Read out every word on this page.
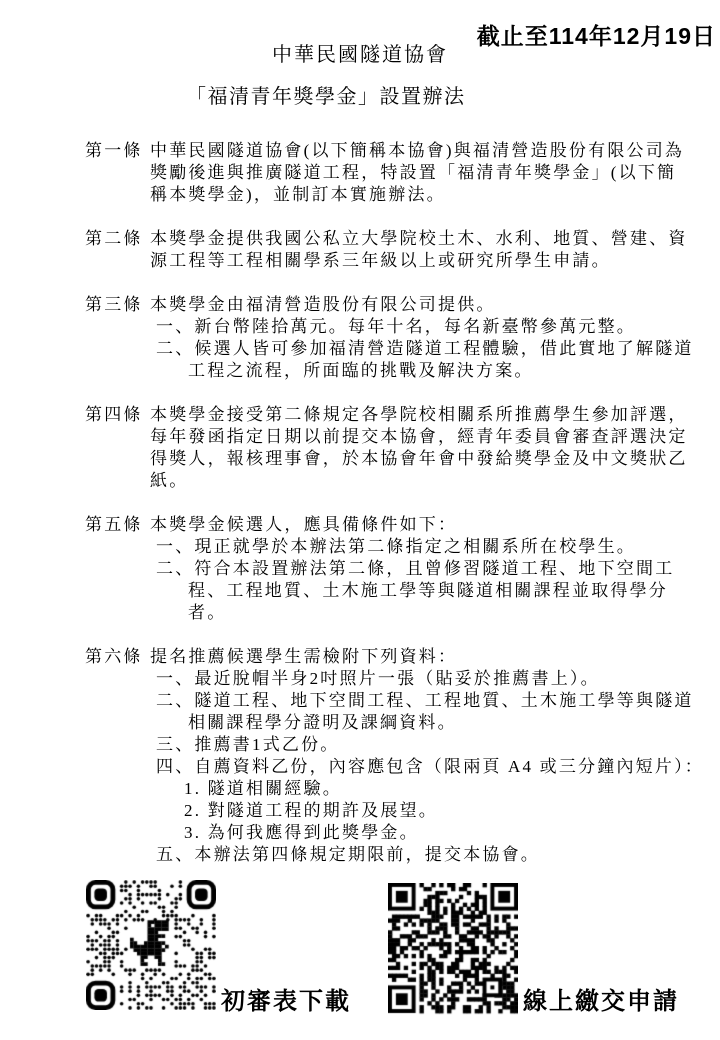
截止至114年12月19日
中華民國隧道協會
「福清青年獎學金」設置辦法
第一條 中華民國隧道協會(以下簡稱本協會)與福清營造股份有限公司為
獎勵後進與推廣隧道工程，特設置「福清青年獎學金」(以下簡
稱本獎學金)，並制訂本實施辦法。
第二條 本獎學金提供我國公私立大學院校土木、水利、地質、營建、資
源工程等工程相關學系三年級以上或研究所學生申請。
第三條 本獎學金由福清營造股份有限公司提供。
一、新台幣陸拾萬元。每年十名，每名新臺幣參萬元整。
二、候選人皆可參加福清營造隧道工程體驗，借此實地了解隧道
工程之流程，所面臨的挑戰及解決方案。
第四條 本獎學金接受第二條規定各學院校相關系所推薦學生參加評選，
每年發函指定日期以前提交本協會，經青年委員會審查評選決定
得獎人，報核理事會，於本協會年會中發給獎學金及中文獎狀乙
紙。
第五條 本獎學金候選人，應具備條件如下：
一、現正就學於本辦法第二條指定之相關系所在校學生。
二、符合本設置辦法第二條，且曾修習隧道工程、地下空間工
程、工程地質、土木施工學等與隧道相關課程並取得學分
者。
第六條 提名推薦候選學生需檢附下列資料：
一、最近脫帽半身2吋照片一張（貼妥於推薦書上）。
二、隧道工程、地下空間工程、工程地質、土木施工學等與隧道
相關課程學分證明及課綱資料。
三、推薦書1式乙份。
四、自薦資料乙份，內容應包含（限兩頁 A4 或三分鐘內短片）：
1. 隧道相關經驗。
2. 對隧道工程的期許及展望。
3. 為何我應得到此獎學金。
五、本辦法第四條規定期限前，提交本協會。
初審表下載	線上繳交申請
